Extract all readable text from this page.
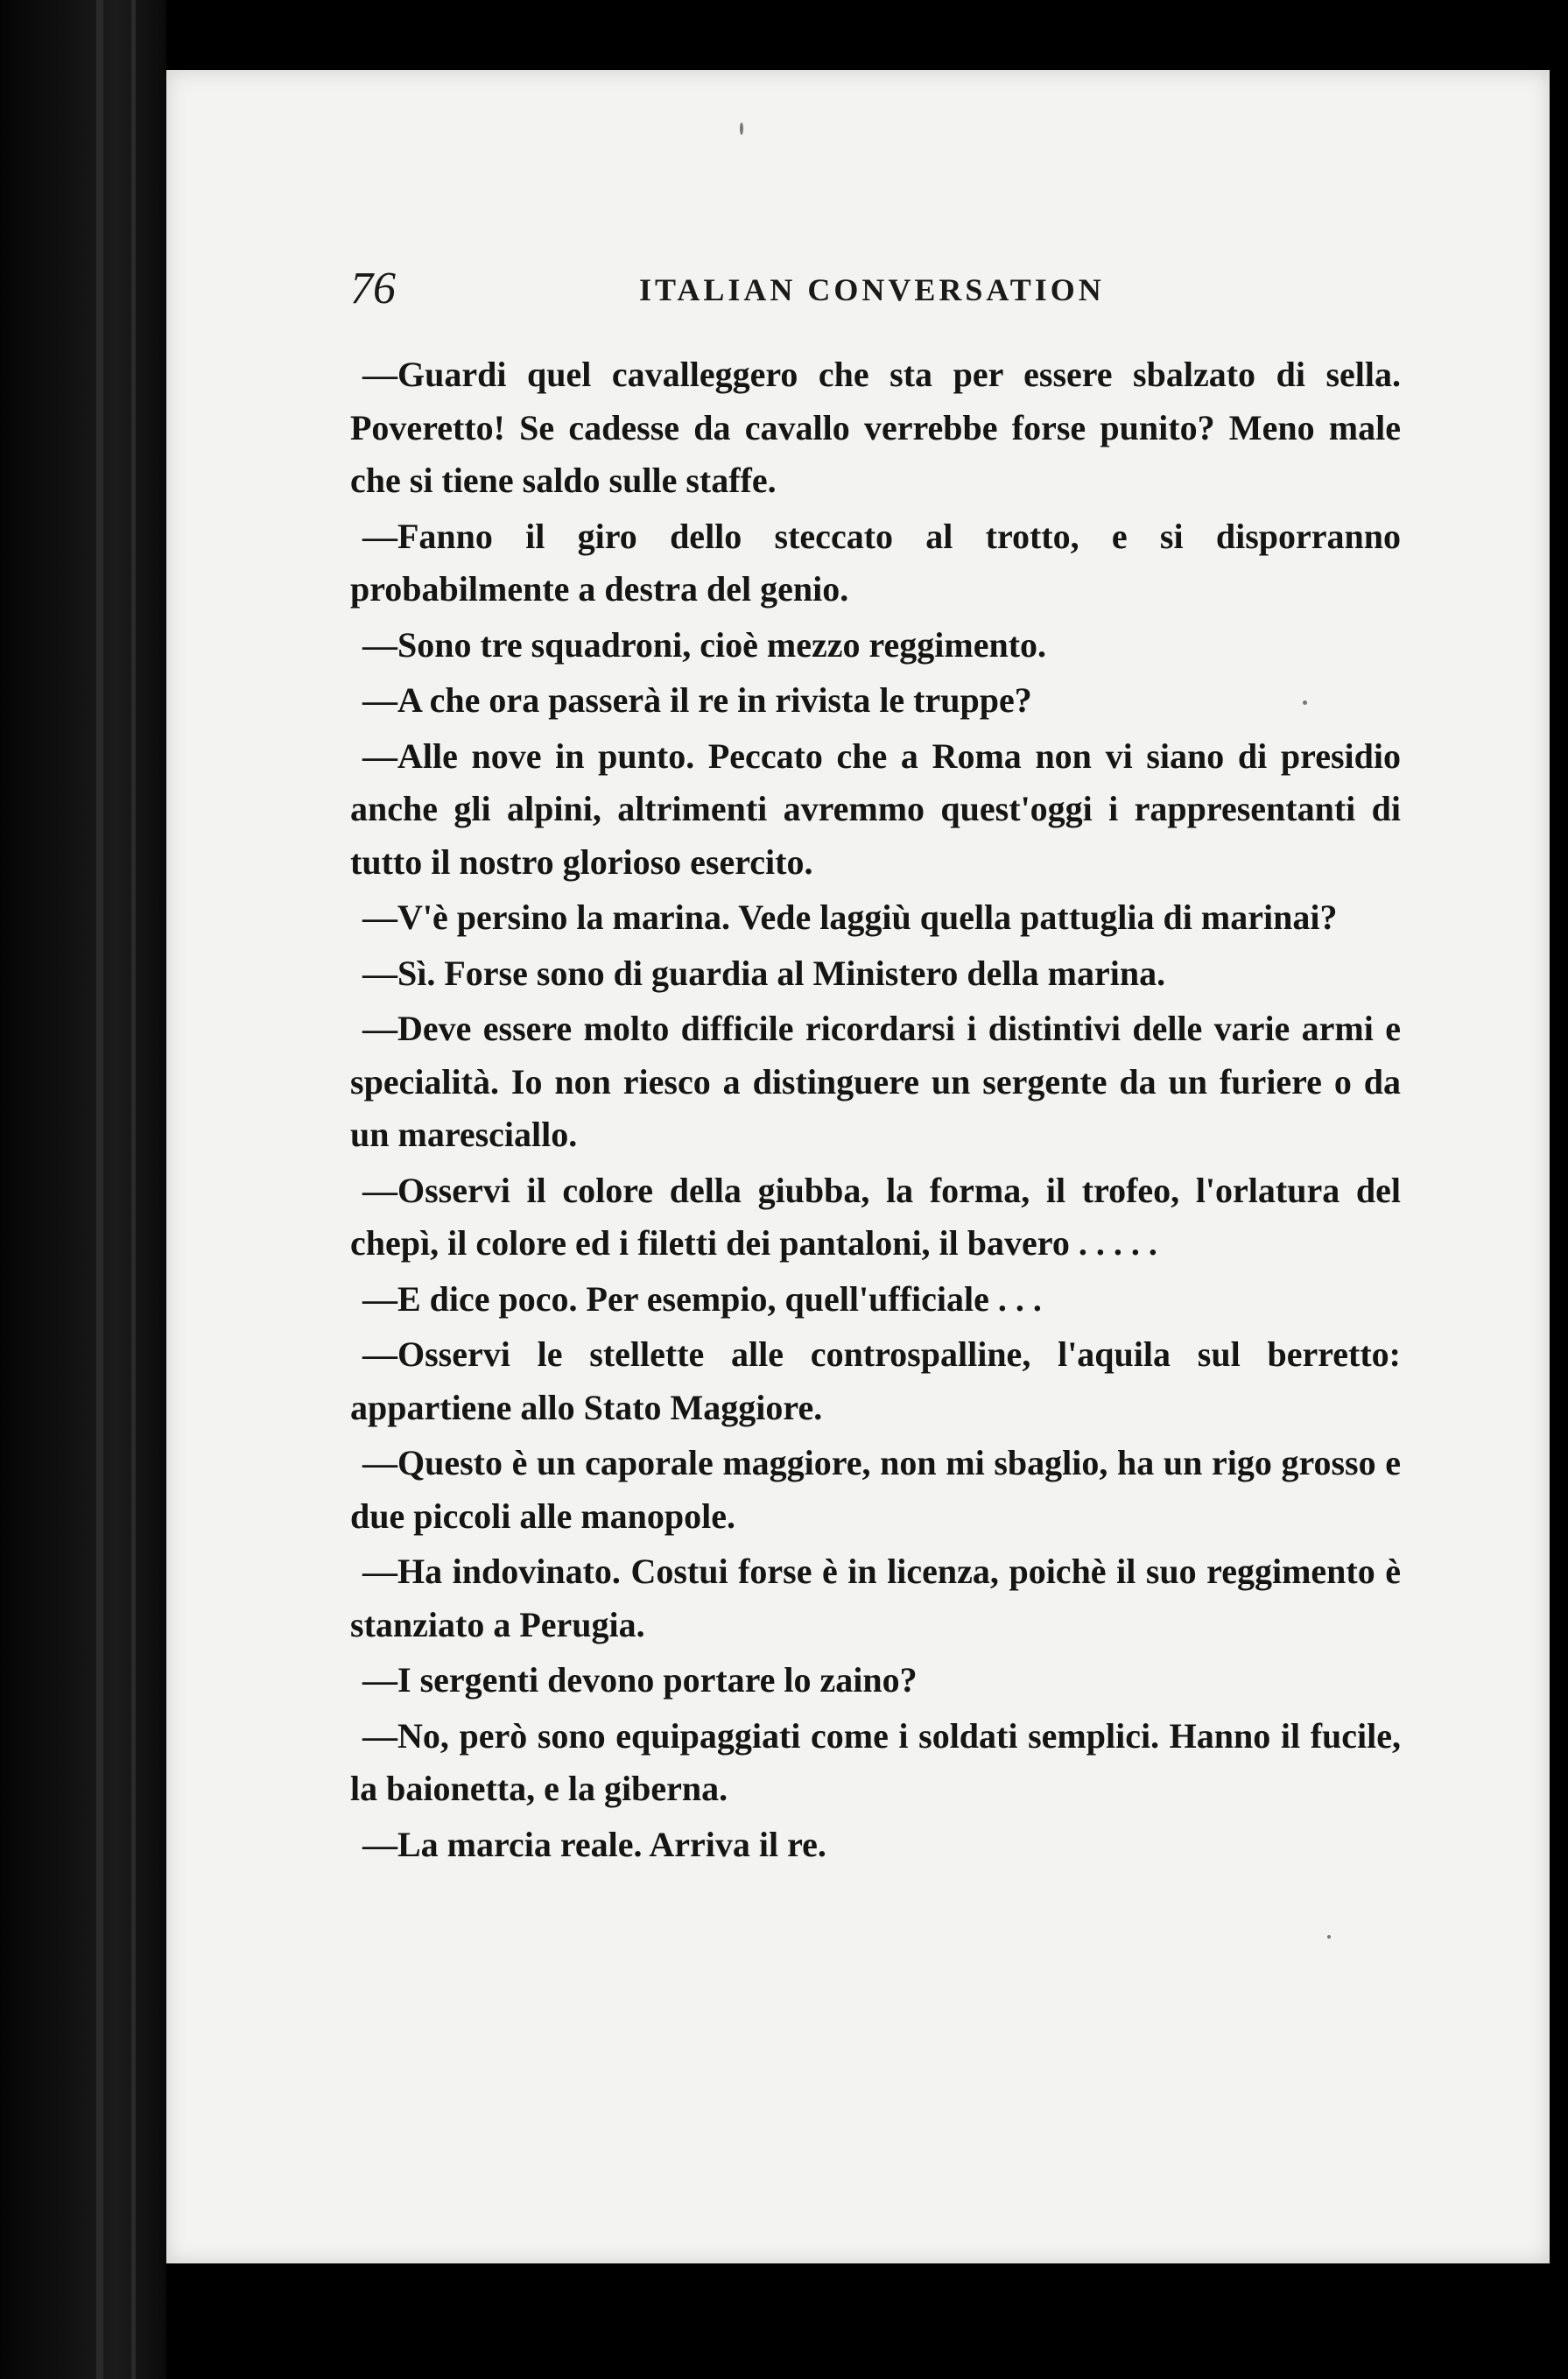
76	ITALIAN CONVERSATION

—Guardi quel cavalleggero che sta per essere sbalzato di sella. Poveretto! Se cadesse da cavallo verrebbe forse punito? Meno male che si tiene saldo sulle staffe.

—Fanno il giro dello steccato al trotto, e si disporranno probabilmente a destra del genio.

—Sono tre squadroni, cioè mezzo reggimento.

—A che ora passerà il re in rivista le truppe?

—Alle nove in punto. Peccato che a Roma non vi siano di presidio anche gli alpini, altrimenti avremmo quest'oggi i rappresentanti di tutto il nostro glorioso esercito.

—V'è persino la marina. Vede laggiù quella pattuglia di marinai?

—Sì. Forse sono di guardia al Ministero della marina.

—Deve essere molto difficile ricordarsi i distintivi delle varie armi e specialità. Io non riesco a distinguere un sergente da un furiere o da un maresciallo.

—Osservi il colore della giubba, la forma, il trofeo, l'orlatura del chepì, il colore ed i filetti dei pantaloni, il bavero . . . . .

—E dice poco. Per esempio, quell'ufficiale . . .

—Osservi le stellette alle controspalline, l'aquila sul berretto: appartiene allo Stato Maggiore.

—Questo è un caporale maggiore, non mi sbaglio, ha un rigo grosso e due piccoli alle manopole.

—Ha indovinato. Costui forse è in licenza, poichè il suo reggimento è stanziato a Perugia.

—I sergenti devono portare lo zaino?

—No, però sono equipaggiati come i soldati semplici. Hanno il fucile, la baionetta, e la giberna.

—La marcia reale. Arriva il re.
